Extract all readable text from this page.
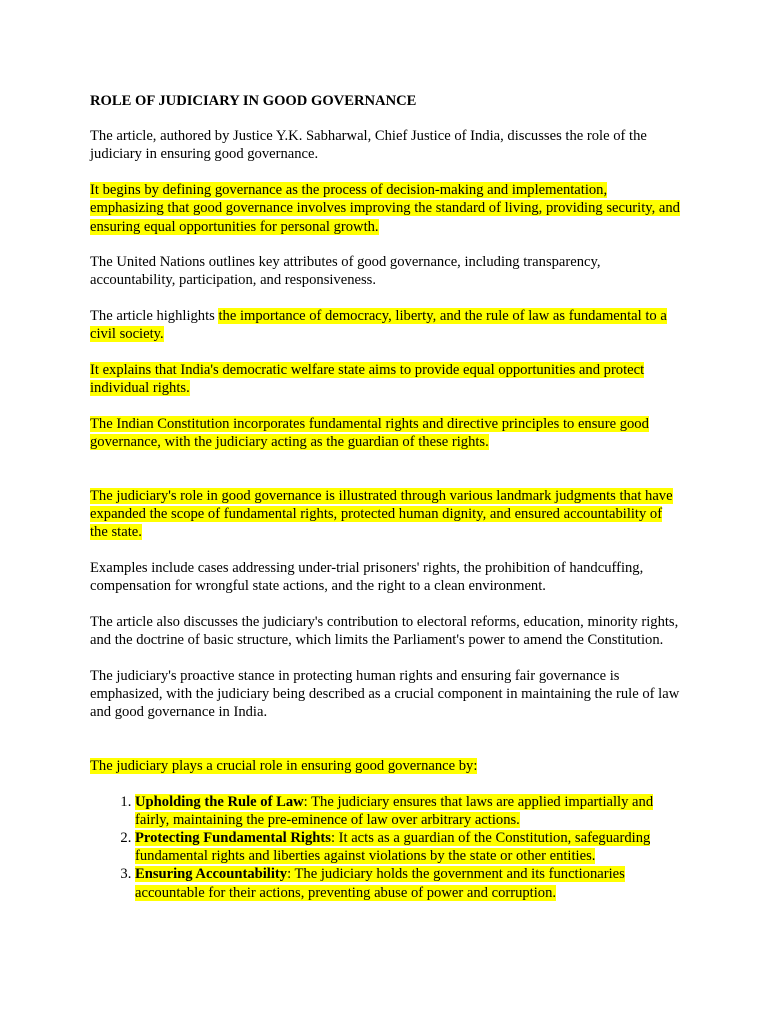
ROLE OF JUDICIARY IN GOOD GOVERNANCE

The article, authored by Justice Y.K. Sabharwal, Chief Justice of India, discusses the role of the judiciary in ensuring good governance.

It begins by defining governance as the process of decision-making and implementation, emphasizing that good governance involves improving the standard of living, providing security, and ensuring equal opportunities for personal growth.

The United Nations outlines key attributes of good governance, including transparency, accountability, participation, and responsiveness.

The article highlights the importance of democracy, liberty, and the rule of law as fundamental to a civil society.

It explains that India's democratic welfare state aims to provide equal opportunities and protect individual rights.

The Indian Constitution incorporates fundamental rights and directive principles to ensure good governance, with the judiciary acting as the guardian of these rights.

The judiciary's role in good governance is illustrated through various landmark judgments that have expanded the scope of fundamental rights, protected human dignity, and ensured accountability of the state.

Examples include cases addressing under-trial prisoners' rights, the prohibition of handcuffing, compensation for wrongful state actions, and the right to a clean environment.

The article also discusses the judiciary's contribution to electoral reforms, education, minority rights, and the doctrine of basic structure, which limits the Parliament's power to amend the Constitution.

The judiciary's proactive stance in protecting human rights and ensuring fair governance is emphasized, with the judiciary being described as a crucial component in maintaining the rule of law and good governance in India.

The judiciary plays a crucial role in ensuring good governance by:

1. Upholding the Rule of Law: The judiciary ensures that laws are applied impartially and fairly, maintaining the pre-eminence of law over arbitrary actions.
2. Protecting Fundamental Rights: It acts as a guardian of the Constitution, safeguarding fundamental rights and liberties against violations by the state or other entities.
3. Ensuring Accountability: The judiciary holds the government and its functionaries accountable for their actions, preventing abuse of power and corruption.
